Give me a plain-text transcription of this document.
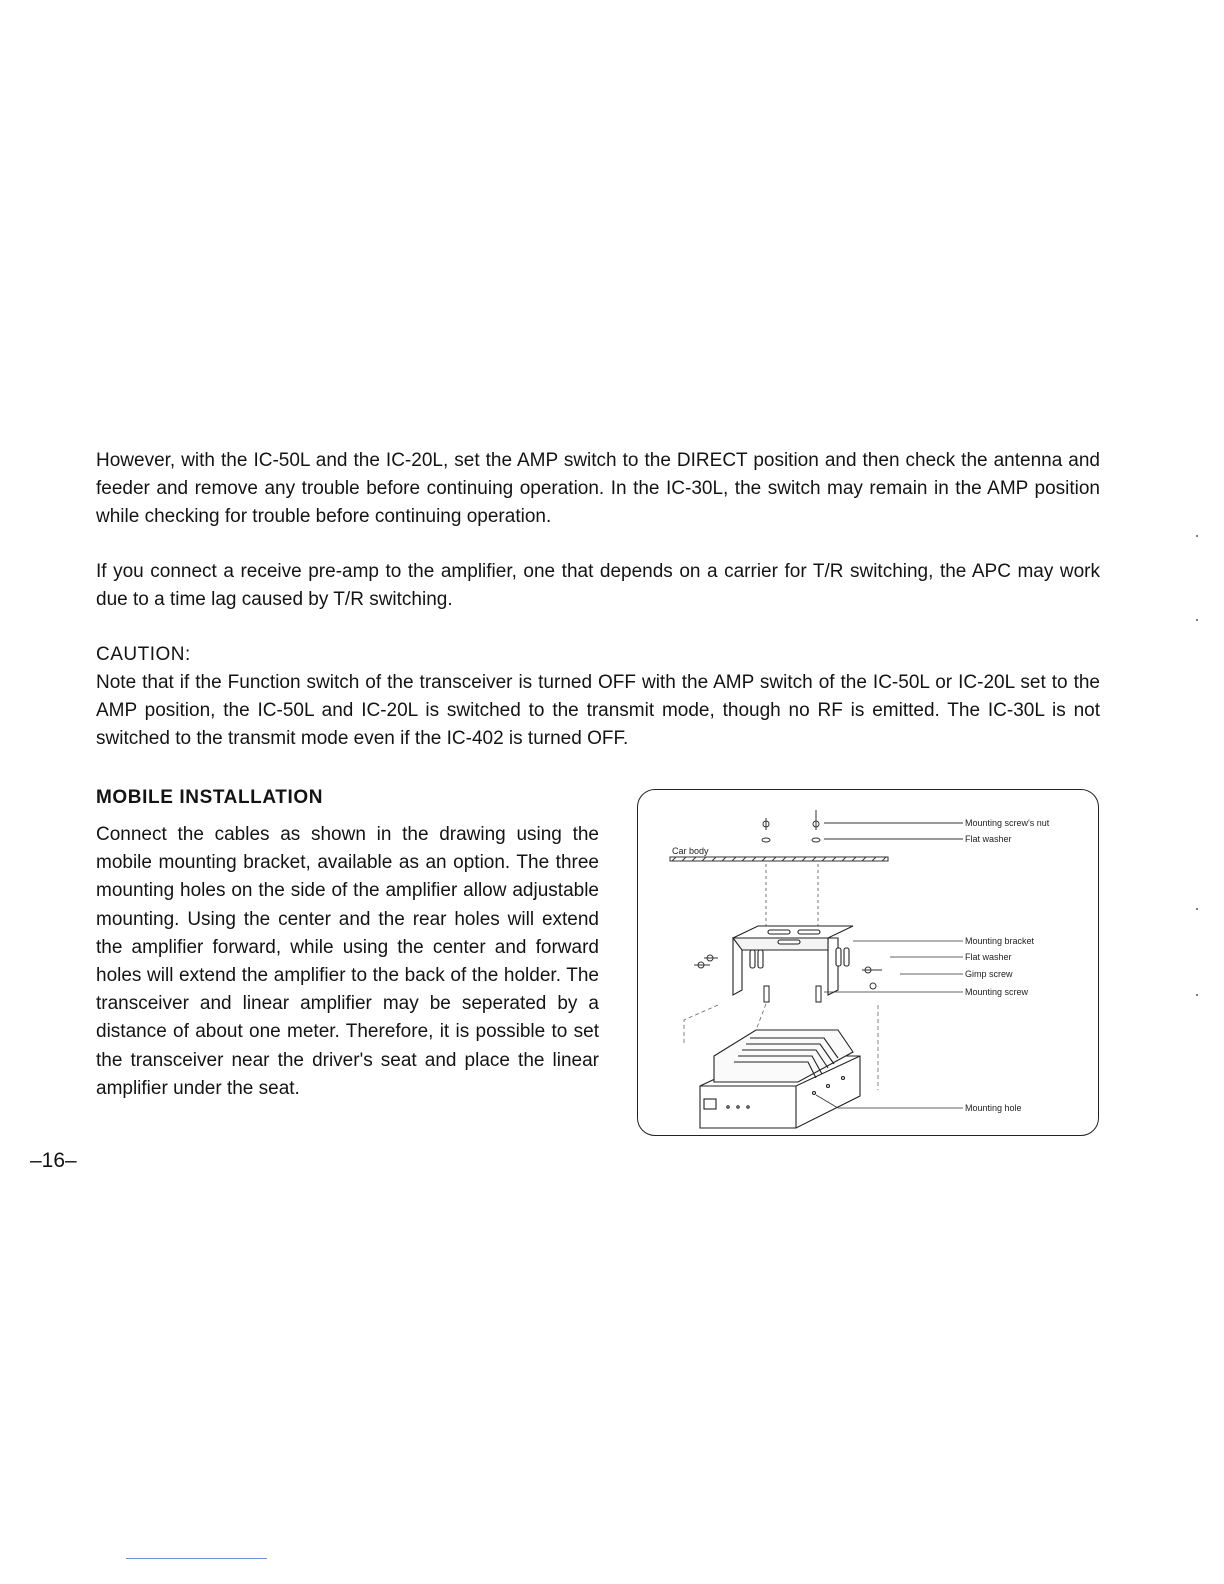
However, with the IC-50L and the IC-20L, set the AMP switch to the DIRECT position and then check the antenna and feeder and remove any trouble before continuing operation. In the IC-30L, the switch may remain in the AMP position while checking for trouble before continuing operation.

If you connect a receive pre-amp to the amplifier, one that depends on a carrier for T/R switching, the APC may work due to a time lag caused by T/R switching.

CAUTION:

Note that if the Function switch of the transceiver is turned OFF with the AMP switch of the IC-50L or IC-20L set to the AMP position, the IC-50L and IC-20L is switched to the transmit mode, though no RF is emitted. The IC-30L is not switched to the transmit mode even if the IC-402 is turned OFF.

MOBILE INSTALLATION

Connect the cables as shown in the drawing using the mobile mounting bracket, available as an option. The three mounting holes on the side of the amplifier allow adjustable mounting. Using the center and the rear holes will extend the amplifier forward, while using the center and forward holes will extend the amplifier to the back of the holder. The transceiver and linear amplifier may be seperated by a distance of about one meter. Therefore, it is possible to set the transceiver near the driver's seat and place the linear amplifier under the seat.

Mounting screw's nut
Flat washer
Car body
Mounting bracket
Flat washer
Gimp screw
Mounting screw
Mounting hole

–16–
